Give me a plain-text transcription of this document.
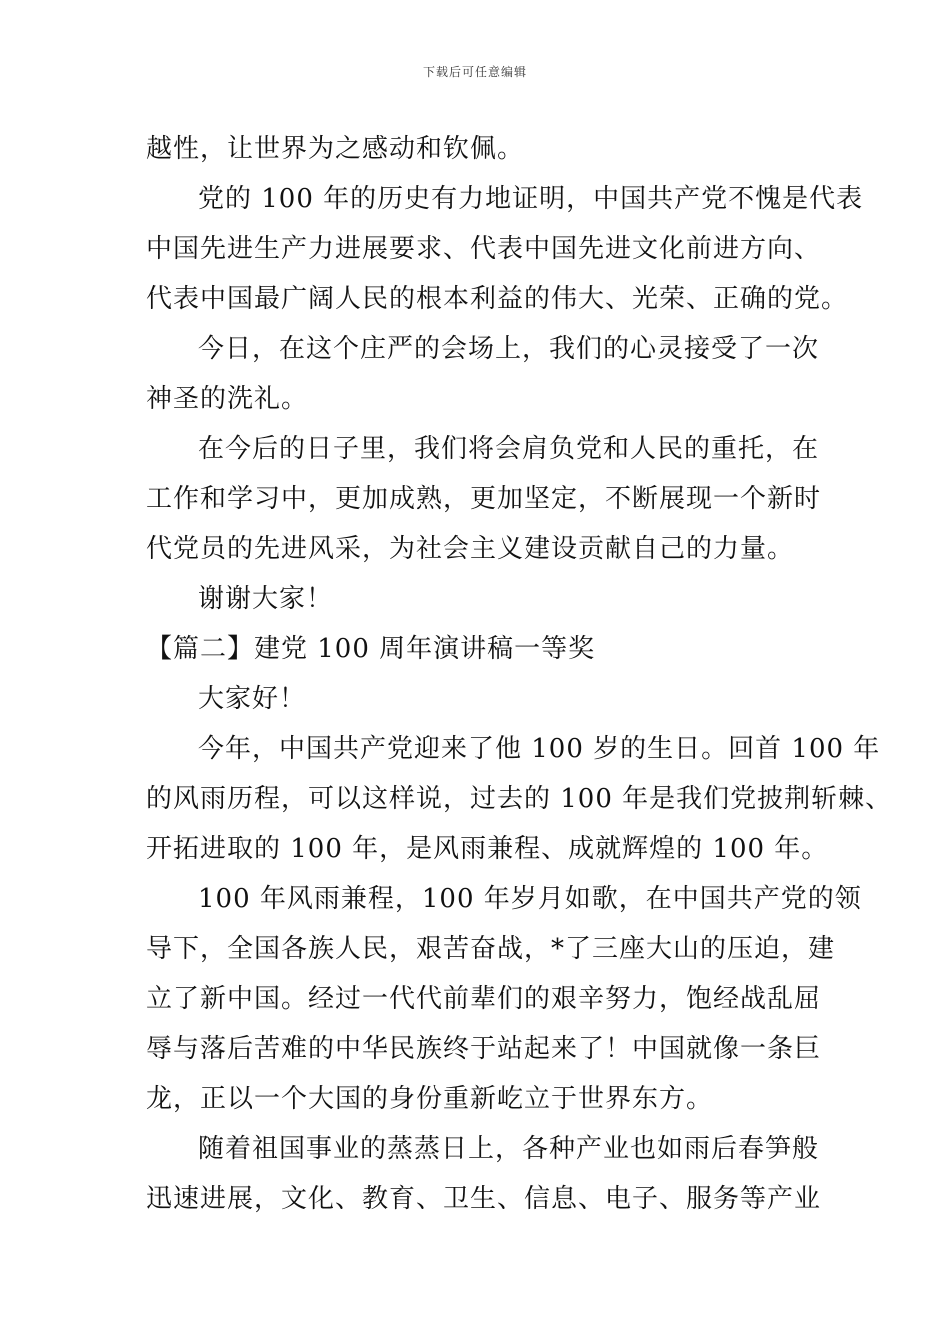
下载后可任意编辑
越性，让世界为之感动和钦佩。
党的 100 年的历史有力地证明，中国共产党不愧是代表
中国先进生产力进展要求、代表中国先进文化前进方向、
代表中国最广阔人民的根本利益的伟大、光荣、正确的党。
今日，在这个庄严的会场上，我们的心灵接受了一次
神圣的洗礼。
在今后的日子里，我们将会肩负党和人民的重托，在
工作和学习中，更加成熟，更加坚定，不断展现一个新时
代党员的先进风采，为社会主义建设贡献自己的力量。
谢谢大家！
【篇二】建党 100 周年演讲稿一等奖
大家好！
今年，中国共产党迎来了他 100 岁的生日。回首 100 年
的风雨历程，可以这样说，过去的 100 年是我们党披荆斩棘、
开拓进取的 100 年，是风雨兼程、成就辉煌的 100 年。
100 年风雨兼程，100 年岁月如歌，在中国共产党的领
导下，全国各族人民，艰苦奋战，*了三座大山的压迫，建
立了新中国。经过一代代前辈们的艰辛努力，饱经战乱屈
辱与落后苦难的中华民族终于站起来了！中国就像一条巨
龙，正以一个大国的身份重新屹立于世界东方。
随着祖国事业的蒸蒸日上，各种产业也如雨后春笋般
迅速进展，文化、教育、卫生、信息、电子、服务等产业
